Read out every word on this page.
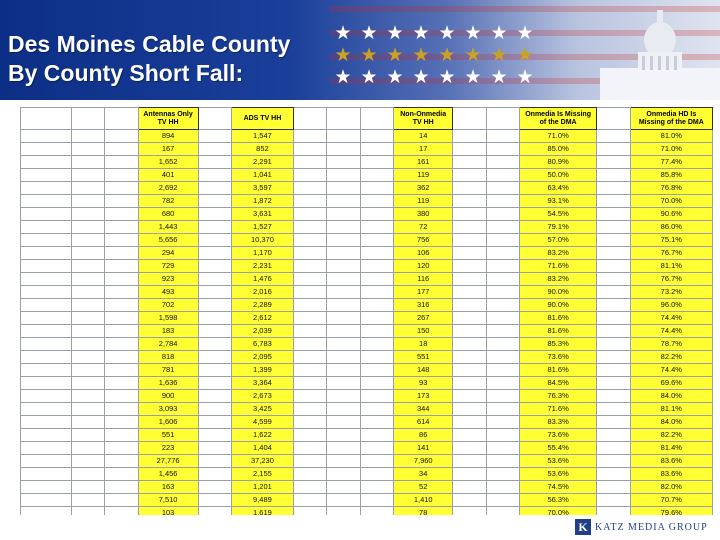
Des Moines Cable County
By County Short Fall:
★ ★ ★ ★ ★ ★ ★ ★
★ ★ ★ ★ ★ ★ ★ ★
★ ★ ★ ★ ★ ★ ★ ★
			Antennas Only TV HH		ADS TV HH				Non-Onmedia TV HH			Onmedia Is Missing of the DMA		Onmedia HD Is Missing of the DMA
			894		1,547				14			71.0%		81.0%
			167		852				17			85.0%		71.0%
			1,652		2,291				161			80.9%		77.4%
			401		1,041				119			50.0%		85.8%
			2,692		3,597				362			63.4%		76.8%
			782		1,872				119			93.1%		70.0%
			680		3,631				380			54.5%		90.6%
			1,443		1,527				72			79.1%		86.0%
			5,656		10,370				756			57.0%		75.1%
			294		1,170				106			83.2%		76.7%
			729		2,231				120			71.6%		81.1%
			923		1,476				116			83.2%		76.7%
			493		2,016				177			90.0%		73.2%
			702		2,289				316			90.0%		96.0%
			1,598		2,612				267			81.6%		74.4%
			183		2,039				150			81.6%		74.4%
			2,784		6,783				18			85.3%		78.7%
			818		2,095				551			73.6%		82.2%
			781		1,399				148			81.6%		74.4%
			1,636		3,364				93			84.5%		69.6%
			900		2,673				173			76.3%		84.0%
			3,093		3,425				344			71.6%		81.1%
			1,606		4,599				614			83.3%		84.0%
			551		1,622				86			73.6%		82.2%
			223		1,404				141			55.4%		81.4%
			27,776		37,230				7,960			53.6%		83.6%
			1,456		2,155				34			53.6%		83.6%
			163		1,201				52			74.5%		82.0%
			7,510		9,489				1,410			56.3%		70.7%
			103		1,619				78			70.0%		79.6%

K KATZ MEDIA GROUP
